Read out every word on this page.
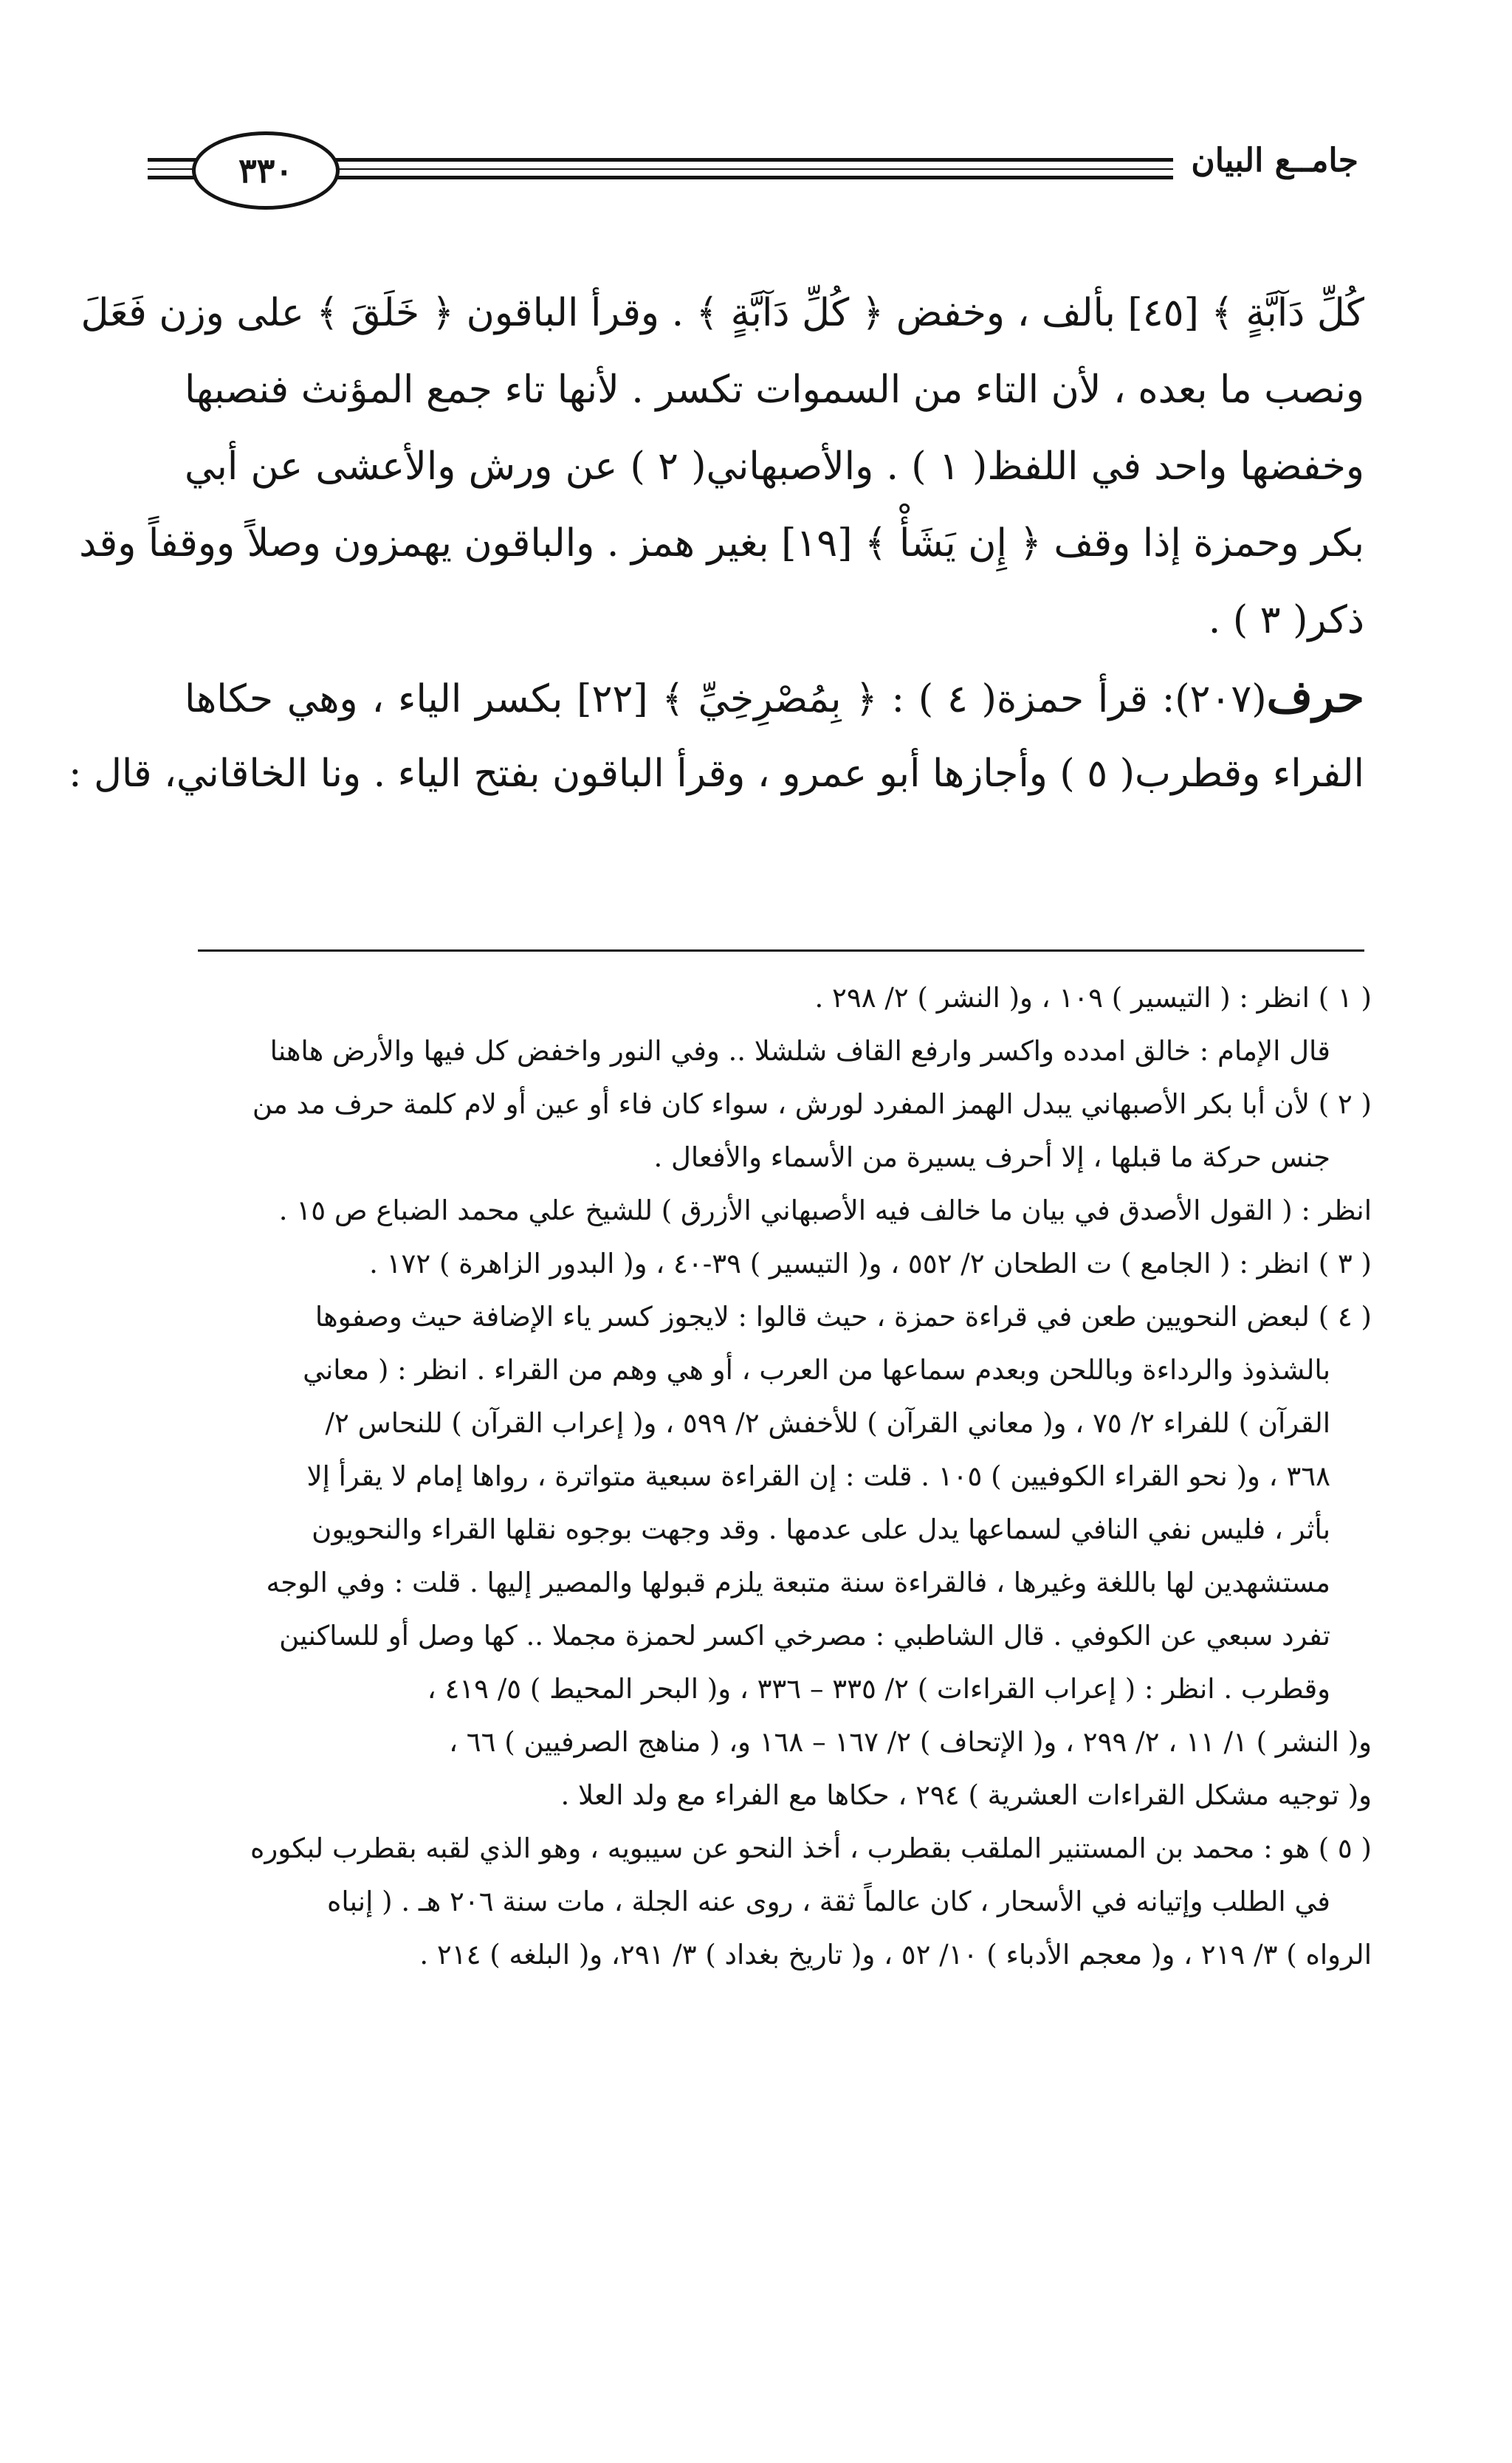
٣٣٠	جامــع البيان
كُلِّ دَآبَّةٍ ﴾ [٤٥] بألف ، وخفض ﴿ كُلِّ دَآبَّةٍ ﴾ . وقرأ الباقون ﴿ خَلَقَ ﴾ على وزن فَعَلَ
ونصب ما بعده ، لأن التاء من السموات تكسر . لأنها تاء جمع المؤنث فنصبها
وخفضها واحد في اللفظ( ١ ) . والأصبهاني( ٢ ) عن ورش والأعشى عن أبي
بكر وحمزة إذا وقف ﴿ إِن يَشَأْ ﴾ [١٩] بغير همز . والباقون يهمزون وصلاً ووقفاً وقد
ذكر( ٣ ) .
حرف(٢٠٧): قرأ حمزة( ٤ ) : ﴿ بِمُصْرِخِيِّ ﴾ [٢٢] بكسر الياء ، وهي حكاها
الفراء وقطرب( ٥ ) وأجازها أبو عمرو ، وقرأ الباقون بفتح الياء . ونا الخاقاني، قال :
( ١ ) انظر : ( التيسير ) ١٠٩ ، و( النشر ) ٢/ ٢٩٨ .
قال الإمام : خالق امدده واكسر وارفع القاف شلشلا .. وفي النور واخفض كل فيها والأرض هاهنا
( ٢ ) لأن أبا بكر الأصبهاني يبدل الهمز المفرد لورش ، سواء كان فاء أو عين أو لام كلمة حرف مد من
جنس حركة ما قبلها ، إلا أحرف يسيرة من الأسماء والأفعال .
انظر : ( القول الأصدق في بيان ما خالف فيه الأصبهاني الأزرق ) للشيخ علي محمد الضباع ص ١٥ .
( ٣ ) انظر : ( الجامع ) ت الطحان ٢/ ٥٥٢ ، و( التيسير ) ٣٩-٤٠ ، و( البدور الزاهرة ) ١٧٢ .
( ٤ ) لبعض النحويين طعن في قراءة حمزة ، حيث قالوا : لايجوز كسر ياء الإضافة حيث وصفوها
بالشذوذ والرداءة وباللحن وبعدم سماعها من العرب ، أو هي وهم من القراء . انظر : ( معاني
القرآن ) للفراء ٢/ ٧٥ ، و( معاني القرآن ) للأخفش ٢/ ٥٩٩ ، و( إعراب القرآن ) للنحاس ٢/
٣٦٨ ، و( نحو القراء الكوفيين ) ١٠٥ . قلت : إن القراءة سبعية متواترة ، رواها إمام لا يقرأ إلا
بأثر ، فليس نفي النافي لسماعها يدل على عدمها . وقد وجهت بوجوه نقلها القراء والنحويون
مستشهدين لها باللغة وغيرها ، فالقراءة سنة متبعة يلزم قبولها والمصير إليها . قلت : وفي الوجه
تفرد سبعي عن الكوفي . قال الشاطبي : مصرخي اكسر لحمزة مجملا .. كها وصل أو للساكنين
وقطرب . انظر : ( إعراب القراءات ) ٢/ ٣٣٥ – ٣٣٦ ، و( البحر المحيط ) ٥/ ٤١٩ ،
و( النشر ) ١/ ١١ ، ٢/ ٢٩٩ ، و( الإتحاف ) ٢/ ١٦٧ – ١٦٨ و، ( مناهج الصرفيين ) ٦٦ ،
و( توجيه مشكل القراءات العشرية ) ٢٩٤ ، حكاها مع الفراء مع ولد العلا .
( ٥ ) هو : محمد بن المستنير الملقب بقطرب ، أخذ النحو عن سيبويه ، وهو الذي لقبه بقطرب لبكوره
في الطلب وإتيانه في الأسحار ، كان عالماً ثقة ، روى عنه الجلة ، مات سنة ٢٠٦ هـ . ( إنباه
الرواه ) ٣/ ٢١٩ ، و( معجم الأدباء ) ١٠/ ٥٢ ، و( تاريخ بغداد ) ٣/ ٢٩١، و( البلغه ) ٢١٤ .
